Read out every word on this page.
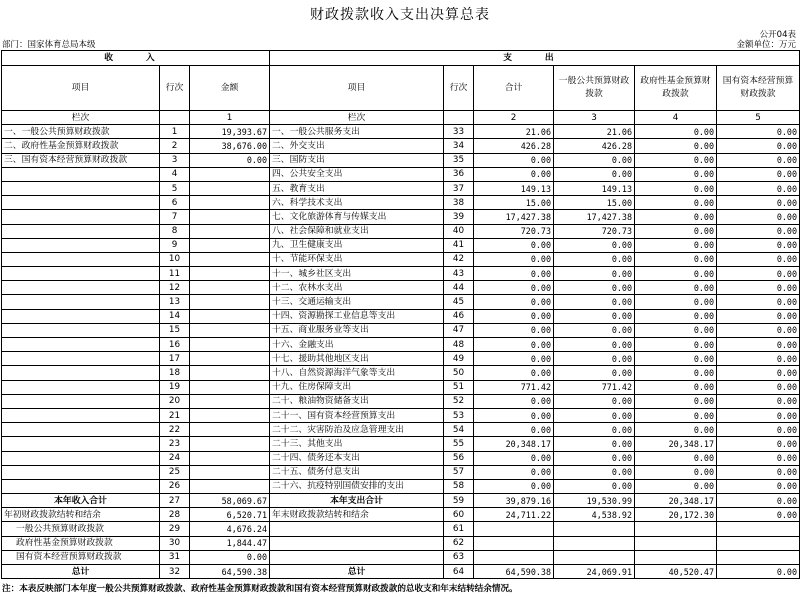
财政拨款收入支出决算总表
公开04表
部门：国家体育总局本级	金额单位：万元
收　入			支　出					
项目	行次	金额	项目	行次	合计	一般公共预算财政拨款	政府性基金预算财政拨款	国有资本经营预算财政拨款
栏次		1	栏次		2	3	4	5
一、一般公共预算财政拨款	1	19,393.67	一、一般公共服务支出	33	21.06	21.06	0.00	0.00
二、政府性基金预算财政拨款	2	38,676.00	二、外交支出	34	426.28	426.28	0.00	0.00
三、国有资本经营预算财政拨款	3	0.00	三、国防支出	35	0.00	0.00	0.00	0.00
	4		四、公共安全支出	36	0.00	0.00	0.00	0.00
	5		五、教育支出	37	149.13	149.13	0.00	0.00
	6		六、科学技术支出	38	15.00	15.00	0.00	0.00
	7		七、文化旅游体育与传媒支出	39	17,427.38	17,427.38	0.00	0.00
	8		八、社会保障和就业支出	40	720.73	720.73	0.00	0.00
	9		九、卫生健康支出	41	0.00	0.00	0.00	0.00
	10		十、节能环保支出	42	0.00	0.00	0.00	0.00
	11		十一、城乡社区支出	43	0.00	0.00	0.00	0.00
	12		十二、农林水支出	44	0.00	0.00	0.00	0.00
	13		十三、交通运输支出	45	0.00	0.00	0.00	0.00
	14		十四、资源勘探工业信息等支出	46	0.00	0.00	0.00	0.00
	15		十五、商业服务业等支出	47	0.00	0.00	0.00	0.00
	16		十六、金融支出	48	0.00	0.00	0.00	0.00
	17		十七、援助其他地区支出	49	0.00	0.00	0.00	0.00
	18		十八、自然资源海洋气象等支出	50	0.00	0.00	0.00	0.00
	19		十九、住房保障支出	51	771.42	771.42	0.00	0.00
	20		二十、粮油物资储备支出	52	0.00	0.00	0.00	0.00
	21		二十一、国有资本经营预算支出	53	0.00	0.00	0.00	0.00
	22		二十二、灾害防治及应急管理支出	54	0.00	0.00	0.00	0.00
	23		二十三、其他支出	55	20,348.17	0.00	20,348.17	0.00
	24		二十四、债务还本支出	56	0.00	0.00	0.00	0.00
	25		二十五、债务付息支出	57	0.00	0.00	0.00	0.00
	26		二十六、抗疫特别国债安排的支出	58	0.00	0.00	0.00	0.00
本年收入合计	27	58,069.67	本年支出合计	59	39,879.16	19,530.99	20,348.17	0.00
年初财政拨款结转和结余	28	6,520.71	年末财政拨款结转和结余	60	24,711.22	4,538.92	20,172.30	0.00
一般公共预算财政拨款	29	4,676.24		61				
政府性基金预算财政拨款	30	1,844.47		62				
国有资本经营预算财政拨款	31	0.00		63				
总计	32	64,590.38	总计	64	64,590.38	24,069.91	40,520.47	0.00
注：本表反映部门本年度一般公共预算财政拨款、政府性基金预算财政拨款和国有资本经营预算财政拨款的总收支和年末结转结余情况。
